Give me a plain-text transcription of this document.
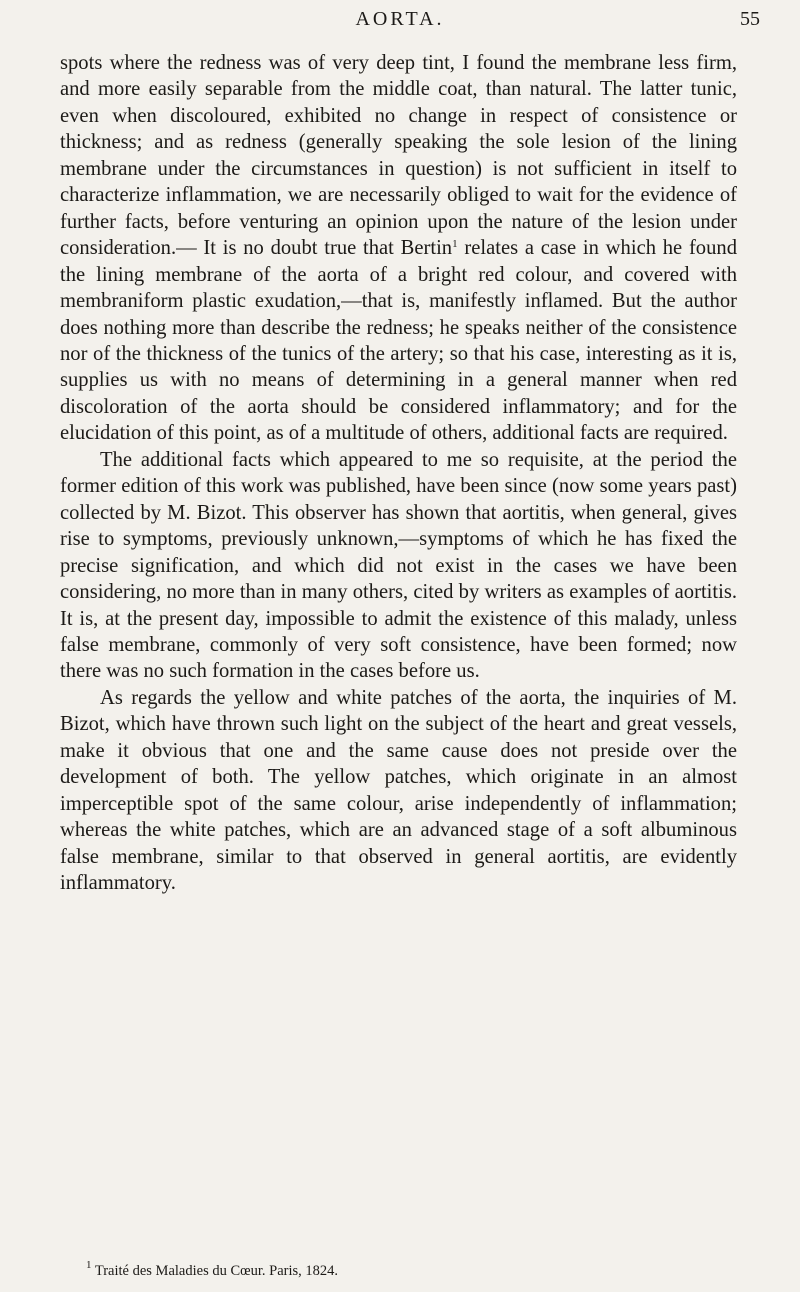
AORTA.	55

spots where the redness was of very deep tint, I found the membrane less firm, and more easily separable from the middle coat, than natural. The latter tunic, even when discoloured, exhibited no change in respect of consistence or thickness; and as redness (generally speaking the sole lesion of the lining membrane under the circumstances in question) is not sufficient in itself to characterize inflammation, we are necessarily obliged to wait for the evidence of further facts, before venturing an opinion upon the nature of the lesion under consideration.— It is no doubt true that Bertin$^1$ relates a case in which he found the lining membrane of the aorta of a bright red colour, and covered with membraniform plastic exudation,—that is, manifestly inflamed. But the author does nothing more than describe the redness; he speaks neither of the consistence nor of the thickness of the tunics of the artery; so that his case, interesting as it is, supplies us with no means of determining in a general manner when red discoloration of the aorta should be considered inflammatory; and for the elucidation of this point, as of a multitude of others, additional facts are required.

The additional facts which appeared to me so requisite, at the period the former edition of this work was published, have been since (now some years past) collected by M. Bizot. This observer has shown that aortitis, when general, gives rise to symptoms, previously unknown,—symptoms of which he has fixed the precise signification, and which did not exist in the cases we have been considering, no more than in many others, cited by writers as examples of aortitis. It is, at the present day, impossible to admit the existence of this malady, unless false membrane, commonly of very soft consistence, have been formed; now there was no such formation in the cases before us.

As regards the yellow and white patches of the aorta, the inquiries of M. Bizot, which have thrown such light on the subject of the heart and great vessels, make it obvious that one and the same cause does not preside over the development of both. The yellow patches, which originate in an almost imperceptible spot of the same colour, arise independently of inflammation; whereas the white patches, which are an advanced stage of a soft albuminous false membrane, similar to that observed in general aortitis, are evidently inflammatory.

$^1$ Traité des Maladies du Cœur. Paris, 1824.
